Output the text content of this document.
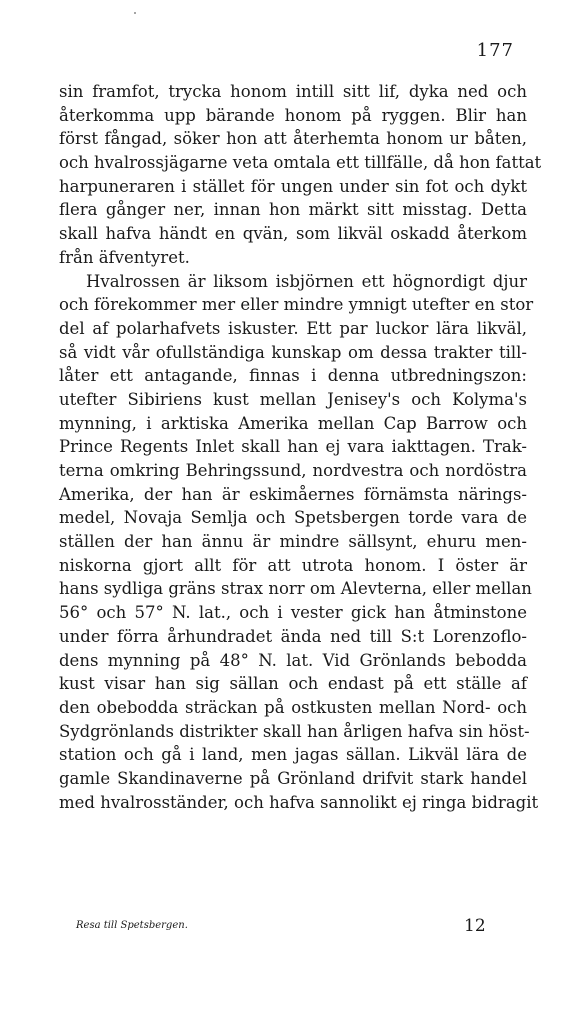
177
sin framfot, trycka honom intill sitt lif, dyka ned och
återkomma upp bärande honom på ryggen. Blir han
först fångad, söker hon att återhemta honom ur båten,
och hvalrossjägarne veta omtala ett tillfälle, då hon fattat
harpuneraren i stället för ungen under sin fot och dykt
flera gånger ner, innan hon märkt sitt misstag. Detta
skall hafva händt en qvän, som likväl oskadd återkom
från äfventyret.
Hvalrossen är liksom isbjörnen ett högnordigt djur
och förekommer mer eller mindre ymnigt utefter en stor
del af polarhafvets iskuster. Ett par luckor lära likväl,
så vidt vår ofullständiga kunskap om dessa trakter till-
låter ett antagande, finnas i denna utbredningszon:
utefter Sibiriens kust mellan Jenisey's och Kolyma's
mynning, i arktiska Amerika mellan Cap Barrow och
Prince Regents Inlet skall han ej vara iakttagen. Trak-
terna omkring Behringssund, nordvestra och nordöstra
Amerika, der han är eskimåernes förnämsta närings-
medel, Novaja Semlja och Spetsbergen torde vara de
ställen der han ännu är mindre sällsynt, ehuru men-
niskorna gjort allt för att utrota honom. I öster är
hans sydliga gräns strax norr om Alevterna, eller mellan
56° och 57° N. lat., och i vester gick han åtminstone
under förra århundradet ända ned till S:t Lorenzoflo-
dens mynning på 48° N. lat. Vid Grönlands bebodda
kust visar han sig sällan och endast på ett ställe af
den obebodda sträckan på ostkusten mellan Nord- och
Sydgrönlands distrikter skall han årligen hafva sin höst-
station och gå i land, men jagas sällan. Likväl lära de
gamle Skandinaverne på Grönland drifvit stark handel
med hvalrosständer, och hafva sannolikt ej ringa bidragit
Resa till Spetsbergen.	12
